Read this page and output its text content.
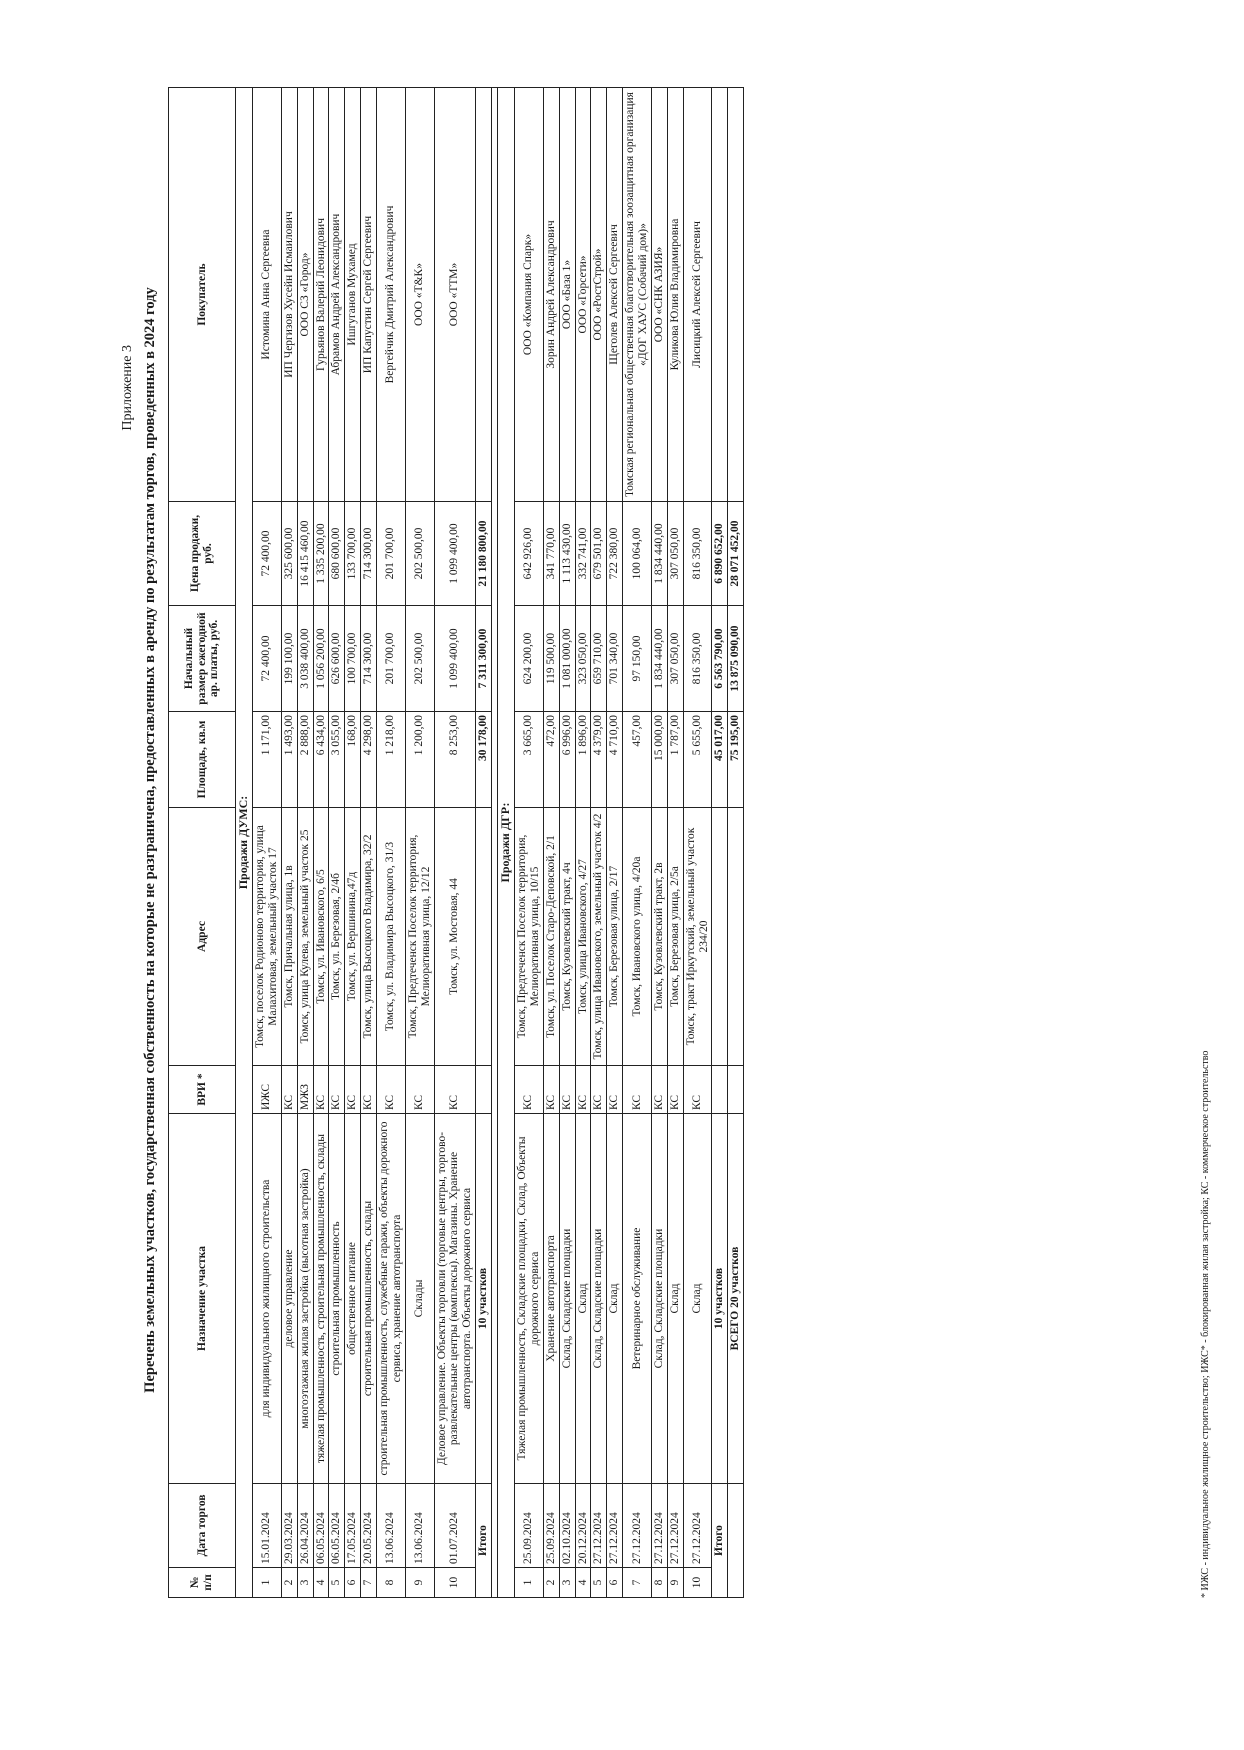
Приложение 3 Перечень земельных участков, государственная собственность на которые не разграничена, предоставленных в аренду по результатам торгов, проведенных в 2024 году
№ п/п	Дата торгов	Назначение участка	ВРИ *	Адрес	Площадь, кв.м	Начальный размер ежегодной ар. платы, руб.	Цена продажи, руб.	Покупатель
Продажи ДУМС:								
1	15.01.2024	для индивидуального жилищного строительства	ИЖС	Томск, поселок Родионово территория, улица Малахитовая, земельный участок 17	1 171,00	72 400,00	72 400,00	Истомина Анна Сергеевна
2	29.03.2024	деловое управление	КС	Томск, Причальная улица, 1в	1 493,00	199 100,00	325 600,00	ИП Чергизов Хусейн Исмаилович
3	26.04.2024	многоэтажная жилая застройка (высотная застройка)	МЖЗ	Томск, улица Кулева, земельный участок 25	2 888,00	3 038 400,00	16 415 460,00	ООО СЗ «Город»
4	06.05.2024	тяжелая промышленность, строительная промышленность, склады	КС	Томск, ул. Ивановского, 6/5	6 434,00	1 056 200,00	1 335 200,00	Гурьянов Валерий Леонидович
5	06.05.2024	строительная промышленность	КС	Томск, ул. Березовая, 2/4б	3 055,00	626 600,00	680 600,00	Абрамов Андрей Александрович
6	17.05.2024	общественное питание	КС	Томск, ул. Вершинина,47д	168,00	100 700,00	133 700,00	Ишгуганов Мухамед
7	20.05.2024	строительная промышленность, склады	КС	Томск, улица Высоцкого Владимира, 32/2	4 298,00	714 300,00	714 300,00	ИП Капустин Сергей Сергеевич
8	13.06.2024	строительная промышленность, служебные гаражи, объекты дорожного сервиса, хранение автотранспорта	КС	Томск, ул. Владимира Высоцкого, 31/3	1 218,00	201 700,00	201 700,00	Вергейчик Дмитрий Александрович
9	13.06.2024	Склады	КС	Томск, Предтеченск Поселок территория, Мелиоративная улица, 12/12	1 200,00	202 500,00	202 500,00	ООО «Т&К»
10	01.07.2024	Деловое управление. Объекты торговли (торговые центры, торгово-развлекательные центры (комплексы). Магазины. Хранение автотранспорта. Объекты дорожного сервиса	КС	Томск, ул. Мостовая, 44	8 253,00	1 099 400,00	1 099 400,00	ООО «ТТМ»
Итого		10 участков			30 178,00	7 311 300,00	21 180 800,00	

Продажи ДГР:								
1	25.09.2024	Тяжелая промышленность, Складские площадки, Склад, Объекты дорожного сервиса	КС	Томск, Предтеченск Поселок территория, Мелиоративная улица, 10/15	3 665,00	624 200,00	642 926,00	ООО «Компания Спарк»
2	25.09.2024	Хранение автотранспорта	КС	Томск, ул. Поселок Старо-Деповской, 2/1	472,00	119 500,00	341 770,00	Зорин Андрей Александрович
3	02.10.2024	Склад, Складские площадки	КС	Томск, Кузовлевский тракт, 4ч	6 996,00	1 081 000,00	1 113 430,00	ООО «База 1»
4	20.12.2024	Склад	КС	Томск, улица Ивановского, 4/27	1 896,00	323 050,00	332 741,00	ООО «Горсети»
5	27.12.2024	Склад, Складские площадки	КС	Томск, улица Ивановского, земельный участок 4/2	4 379,00	659 710,00	679 501,00	ООО «РостСтрой»
6	27.12.2024	Склад	КС	Томск, Березовая улица, 2/17	4 710,00	701 340,00	722 380,00	Щеголев Алексей Сергеевич
7	27.12.2024	Ветеринарное обслуживание	КС	Томск, Ивановского улица, 4/20а	457,00	97 150,00	100 064,00	Томская региональная общественная благотворительная зоозащитная организация «ДОГ ХАУС (Собачий дом)»
8	27.12.2024	Склад, Складские площадки	КС	Томск, Кузовлевский тракт, 2в	15 000,00	1 834 440,00	1 834 440,00	ООО «СНК АЗИЯ»
9	27.12.2024	Склад	КС	Томск, Березовая улица, 2/5а	1 787,00	307 050,00	307 050,00	Куликова Юлия Владимировна
10	27.12.2024	Склад	КС	Томск, тракт Иркутский, земельный участок 234/20	5 655,00	816 350,00	816 350,00	Лисицкий Алексей Сергеевич
Итого		10 участков			45 017,00	6 563 790,00	6 890 652,00	
		ВСЕГО 20 участков			75 195,00	13 875 090,00	28 071 452,00	
* ИЖС - индивидуальное жилищное строительство; ИЖС* - блокированная жилая застройка; КС - коммерческое строительство
